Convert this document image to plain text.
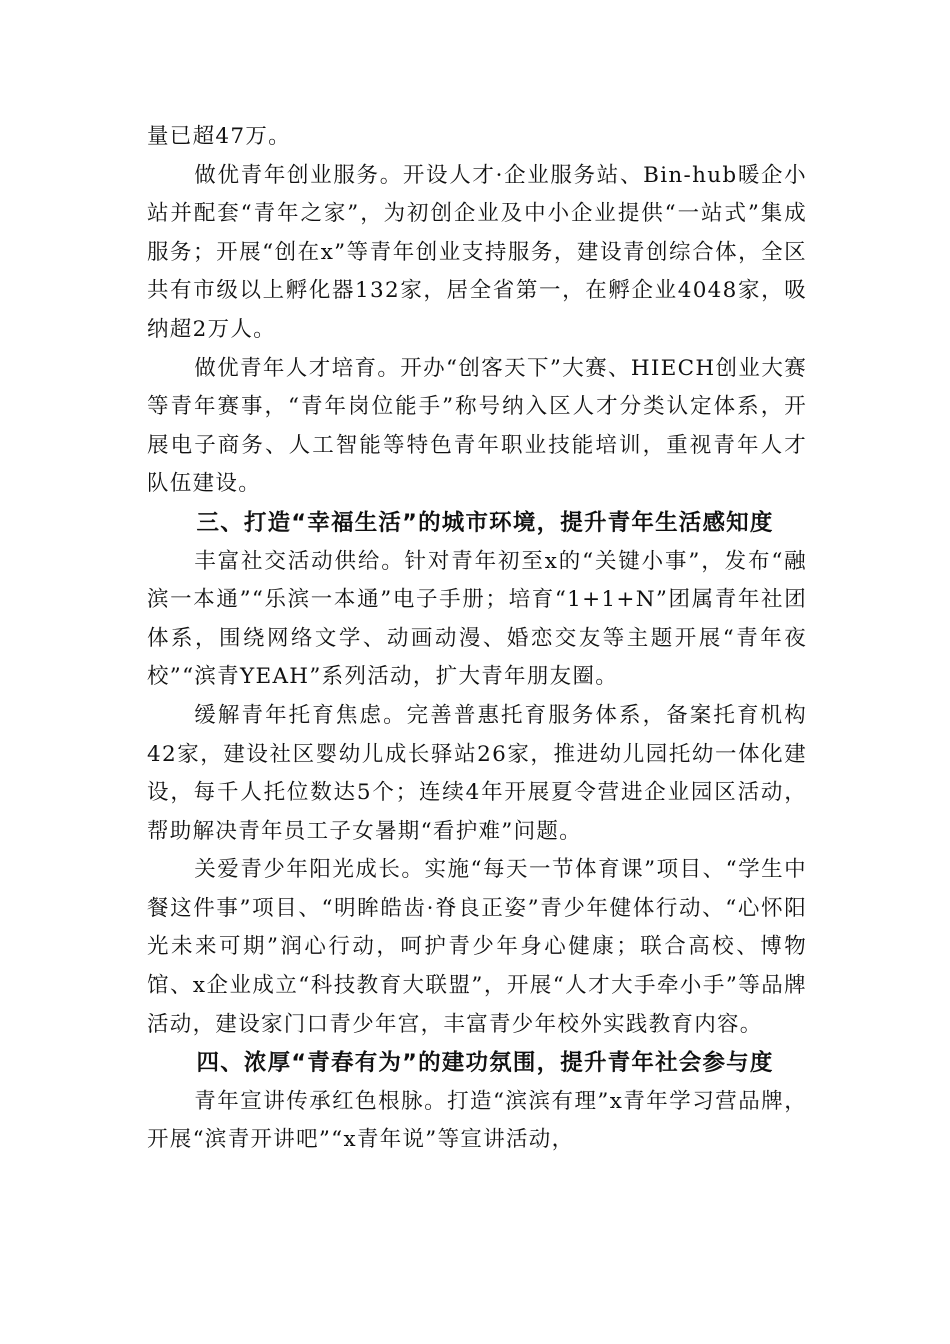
量已超47万。

做优青年创业服务。开设人才·企业服务站、Bin-hub暖企小站并配套“青年之家”，为初创企业及中小企业提供“一站式”集成服务；开展“创在x”等青年创业支持服务，建设青创综合体，全区共有市级以上孵化器132家，居全省第一，在孵企业4048家，吸纳超2万人。

做优青年人才培育。开办“创客天下”大赛、HIECH创业大赛等青年赛事，“青年岗位能手”称号纳入区人才分类认定体系，开展电子商务、人工智能等特色青年职业技能培训，重视青年人才队伍建设。

三、打造“幸福生活”的城市环境，提升青年生活感知度

丰富社交活动供给。针对青年初至x的“关键小事”，发布“融滨一本通”“乐滨一本通”电子手册；培育“1+1+N”团属青年社团体系，围绕网络文学、动画动漫、婚恋交友等主题开展“青年夜校”“滨青YEAH”系列活动，扩大青年朋友圈。

缓解青年托育焦虑。完善普惠托育服务体系，备案托育机构42家，建设社区婴幼儿成长驿站26家，推进幼儿园托幼一体化建设，每千人托位数达5个；连续4年开展夏令营进企业园区活动，帮助解决青年员工子女暑期“看护难”问题。

关爱青少年阳光成长。实施“每天一节体育课”项目、“学生中餐这件事”项目、“明眸皓齿·脊良正姿”青少年健体行动、“心怀阳光未来可期”润心行动，呵护青少年身心健康；联合高校、博物馆、x企业成立“科技教育大联盟”，开展“人才大手牵小手”等品牌活动，建设家门口青少年宫，丰富青少年校外实践教育内容。

四、浓厚“青春有为”的建功氛围，提升青年社会参与度

青年宣讲传承红色根脉。打造“滨滨有理”x青年学习营品牌，开展“滨青开讲吧”“x青年说”等宣讲活动，
